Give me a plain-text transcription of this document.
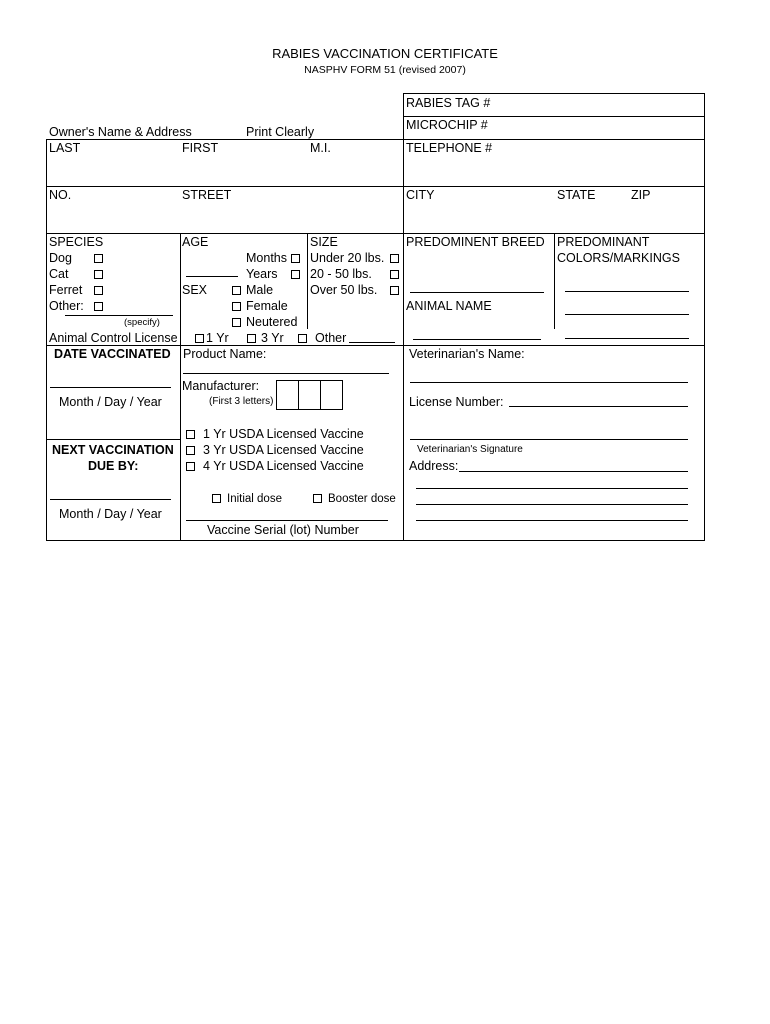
RABIES VACCINATION CERTIFICATE
NASPHV FORM 51 (revised 2007)
Owner's Name & Address	Print Clearly
LAST	FIRST	M.I.
RABIES TAG #
MICROCHIP #
TELEPHONE #
NO.	STREET	CITY	STATE	ZIP
SPECIES
Dog
Cat
Ferret
Other:
(specify)
AGE
Months
Years
SEX	Male
Female
Neutered
SIZE
Under 20 lbs.
20 - 50 lbs.
Over 50 lbs.
PREDOMINENT BREED
ANIMAL NAME
PREDOMINANT
COLORS/MARKINGS
Animal Control License 1 Yr	3 Yr	Other
DATE VACCINATED
Month / Day / Year
NEXT VACCINATION
DUE BY:
Month / Day / Year
Product Name:
Manufacturer:
(First 3 letters)
1 Yr USDA Licensed Vaccine
3 Yr USDA Licensed Vaccine
4 Yr USDA Licensed Vaccine
Initial dose	Booster dose
Vaccine Serial (lot) Number
Veterinarian's Name:
License Number:
Veterinarian's Signature
Address:
